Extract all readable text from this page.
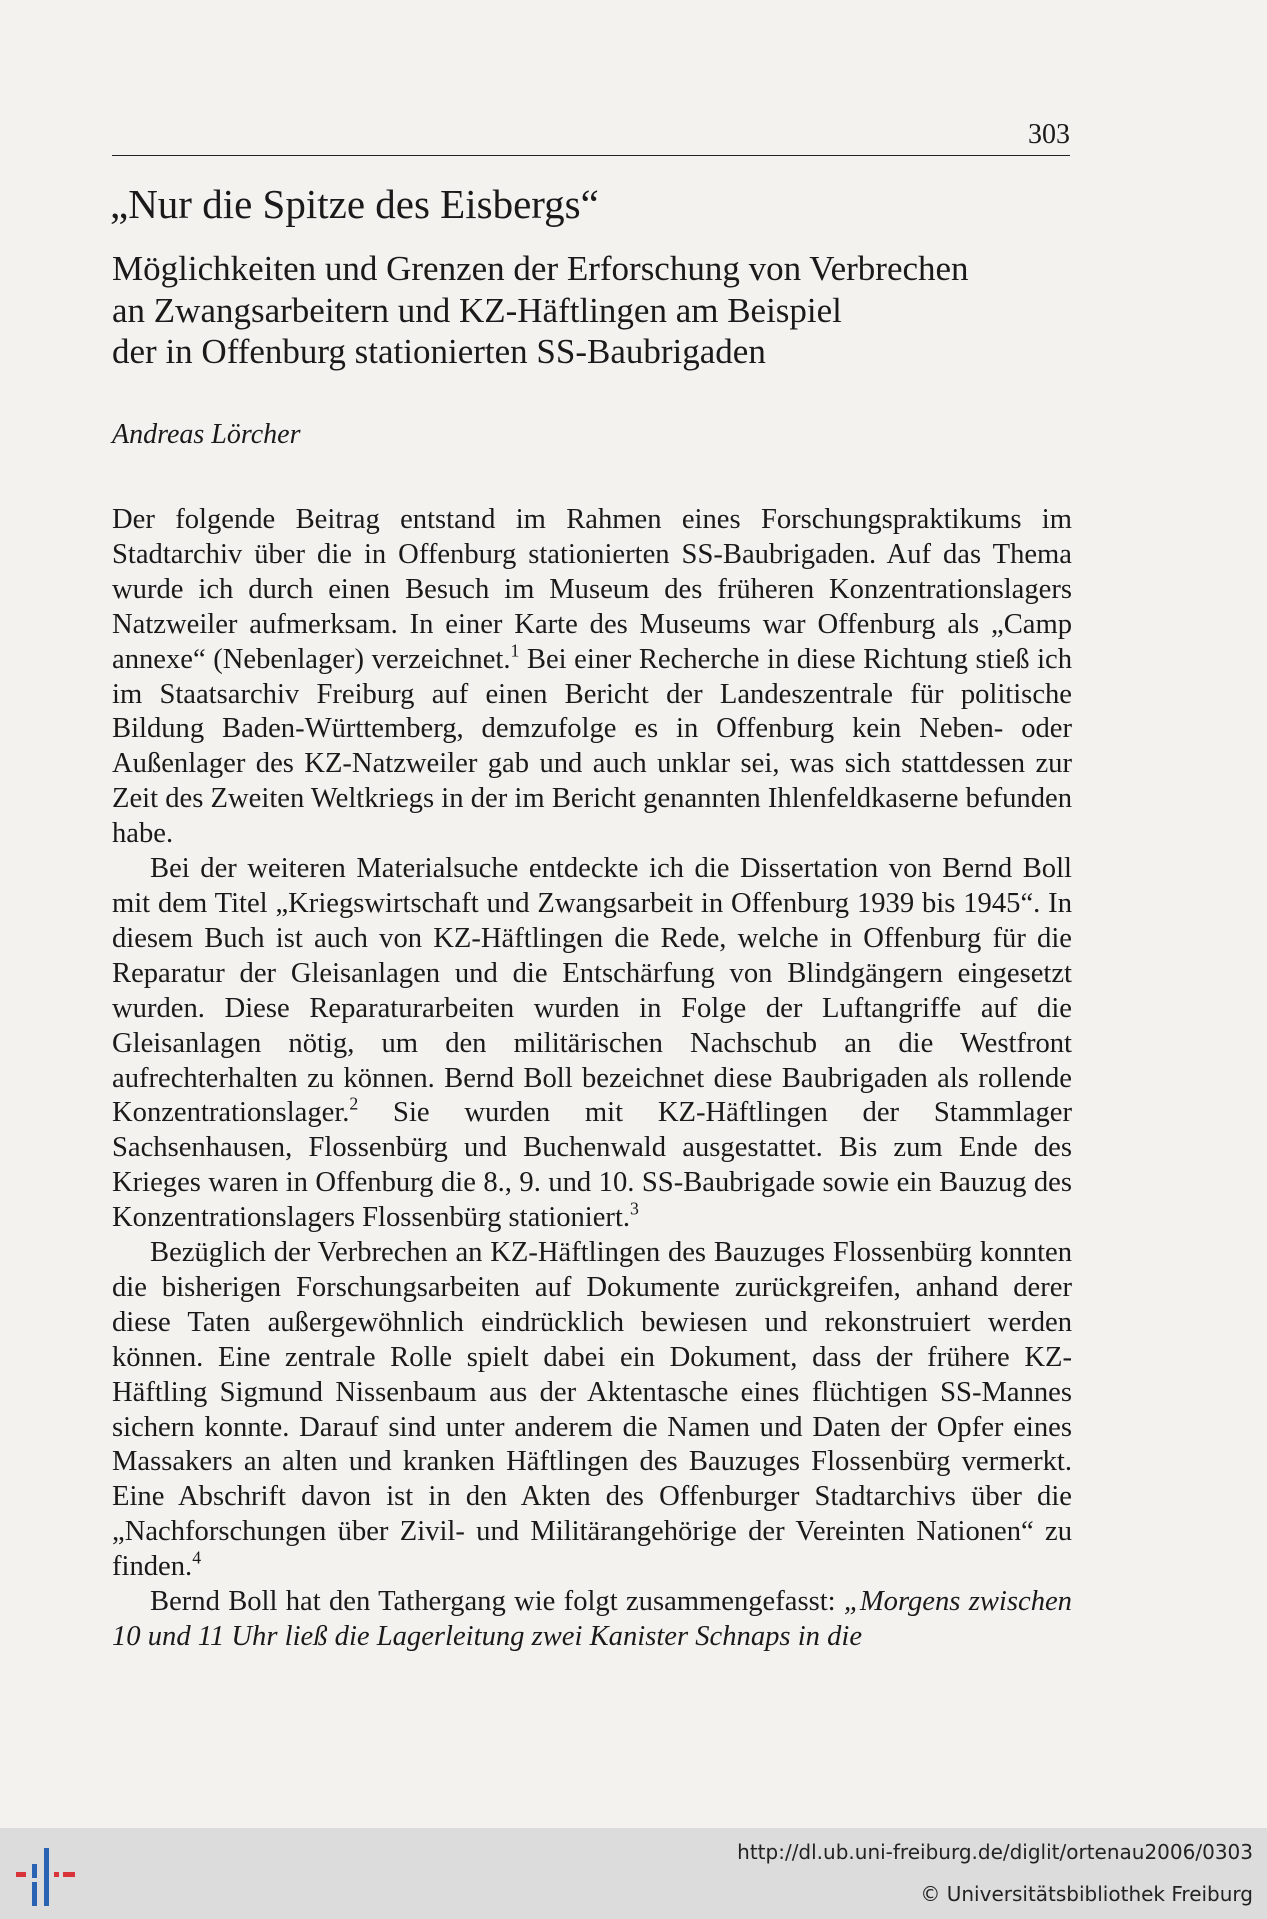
303
„Nur die Spitze des Eisbergs“
Möglichkeiten und Grenzen der Erforschung von Verbrechen
an Zwangsarbeitern und KZ-Häftlingen am Beispiel
der in Offenburg stationierten SS-Baubrigaden
Andreas Lörcher

Der folgende Beitrag entstand im Rahmen eines Forschungspraktikums im Stadtarchiv über die in Offenburg stationierten SS-Baubrigaden. Auf das Thema wurde ich durch einen Besuch im Museum des früheren Konzentrationslagers Natzweiler aufmerksam. In einer Karte des Museums war Offenburg als „Camp annexe“ (Nebenlager) verzeichnet.$^1$ Bei einer Recherche in diese Richtung stieß ich im Staatsarchiv Freiburg auf einen Bericht der Landeszentrale für politische Bildung Baden-Württemberg, demzufolge es in Offenburg kein Neben- oder Außenlager des KZ-Natzweiler gab und auch unklar sei, was sich stattdessen zur Zeit des Zweiten Weltkriegs in der im Bericht genannten Ihlenfeldkaserne befunden habe.

Bei der weiteren Materialsuche entdeckte ich die Dissertation von Bernd Boll mit dem Titel „Kriegswirtschaft und Zwangsarbeit in Offenburg 1939 bis 1945“. In diesem Buch ist auch von KZ-Häftlingen die Rede, welche in Offenburg für die Reparatur der Gleisanlagen und die Entschärfung von Blindgängern eingesetzt wurden. Diese Reparaturarbeiten wurden in Folge der Luftangriffe auf die Gleisanlagen nötig, um den militärischen Nachschub an die Westfront aufrechterhalten zu können. Bernd Boll bezeichnet diese Baubrigaden als rollende Konzentrationslager.$^2$ Sie wurden mit KZ-Häftlingen der Stammlager Sachsenhausen, Flossenbürg und Buchenwald ausgestattet. Bis zum Ende des Krieges waren in Offenburg die 8., 9. und 10. SS-Baubrigade sowie ein Bauzug des Konzentrationslagers Flossenbürg stationiert.$^3$

Bezüglich der Verbrechen an KZ-Häftlingen des Bauzuges Flossenbürg konnten die bisherigen Forschungsarbeiten auf Dokumente zurückgreifen, anhand derer diese Taten außergewöhnlich eindrücklich bewiesen und rekonstruiert werden können. Eine zentrale Rolle spielt dabei ein Dokument, dass der frühere KZ-Häftling Sigmund Nissenbaum aus der Aktentasche eines flüchtigen SS-Mannes sichern konnte. Darauf sind unter anderem die Namen und Daten der Opfer eines Massakers an alten und kranken Häftlingen des Bauzuges Flossenbürg vermerkt. Eine Abschrift davon ist in den Akten des Offenburger Stadtarchivs über die „Nachforschungen über Zivil- und Militärangehörige der Vereinten Nationen“ zu finden.$^4$

Bernd Boll hat den Tathergang wie folgt zusammengefasst: „Morgens zwischen 10 und 11 Uhr ließ die Lagerleitung zwei Kanister Schnaps in die

http://dl.ub.uni-freiburg.de/diglit/ortenau2006/0303
© Universitätsbibliothek Freiburg
